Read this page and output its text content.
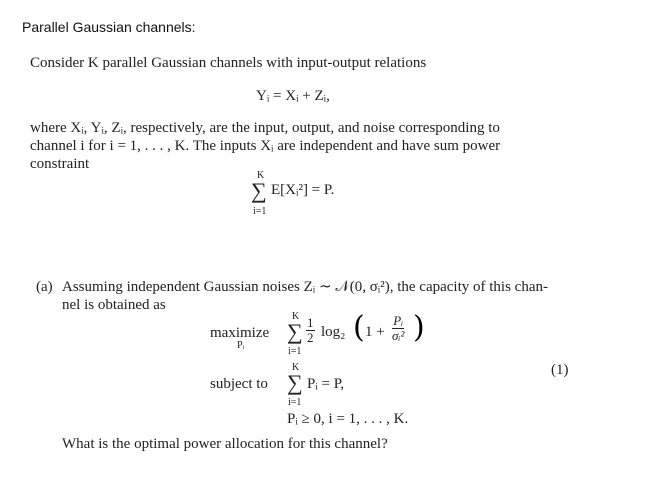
Parallel Gaussian channels:
Consider K parallel Gaussian channels with input-output relations
Yᵢ = Xᵢ + Zᵢ,
where Xᵢ, Yᵢ, Zᵢ, respectively, are the input, output, and noise corresponding to
channel i for i = 1, . . . , K. The inputs Xᵢ are independent and have sum power
constraint
K
∑ E[Xᵢ²] = P.
i=1
(a) Assuming independent Gaussian noises Zᵢ ∼ 𝒩(0, σᵢ²), the capacity of this chan-
nel is obtained as
maximize
Pᵢ
K
∑
i=1
$\frac{1}{2} \log_2$ ( $1 + \frac{\text{Pᵢ}}{\text{σᵢ²}}$ )
subject to
K
∑
i=1
Pᵢ = P,
Pᵢ ≥ 0, i = 1, . . . , K.
(1)
What is the optimal power allocation for this channel?
